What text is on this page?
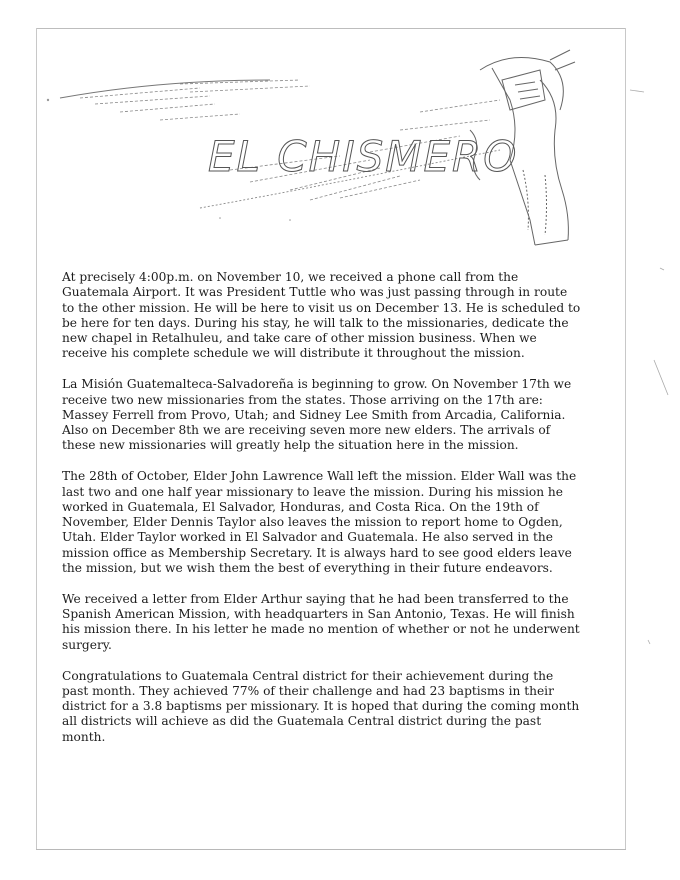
EL CHISMERO

At precisely 4:00p.m. on November 10, we received a phone call from the Guatemala Airport. It was President Tuttle who was just passing through in route to the other mission. He will be here to visit us on December 13. He is scheduled to be here for ten days. During his stay, he will talk to the missionaries, dedicate the new chapel in Retalhuleu, and take care of other mission business. When we receive his complete schedule we will distribute it throughout the mission.

La Misión Guatemalteca-Salvadoreña is beginning to grow. On November 17th we receive two new missionaries from the states. Those arriving on the 17th are: Massey Ferrell from Provo, Utah; and Sidney Lee Smith from Arcadia, California. Also on December 8th we are receiving seven more new elders. The arrivals of these new missionaries will greatly help the situation here in the mission.

The 28th of October, Elder John Lawrence Wall left the mission. Elder Wall was the last two and one half year missionary to leave the mission. During his mission he worked in Guatemala, El Salvador, Honduras, and Costa Rica. On the 19th of November, Elder Dennis Taylor also leaves the mission to report home to Ogden, Utah. Elder Taylor worked in El Salvador and Guatemala. He also served in the mission office as Membership Secretary. It is always hard to see good elders leave the mission, but we wish them the best of everything in their future endeavors.

We received a letter from Elder Arthur saying that he had been transferred to the Spanish American Mission, with headquarters in San Antonio, Texas. He will finish his mission there. In his letter he made no mention of whether or not he underwent surgery.

Congratulations to Guatemala Central district for their achievement during the past month. They achieved 77% of their challenge and had 23 baptisms in their district for a 3.8 baptisms per missionary. It is hoped that during the coming month all districts will achieve as did the Guatemala Central district during the past month.
